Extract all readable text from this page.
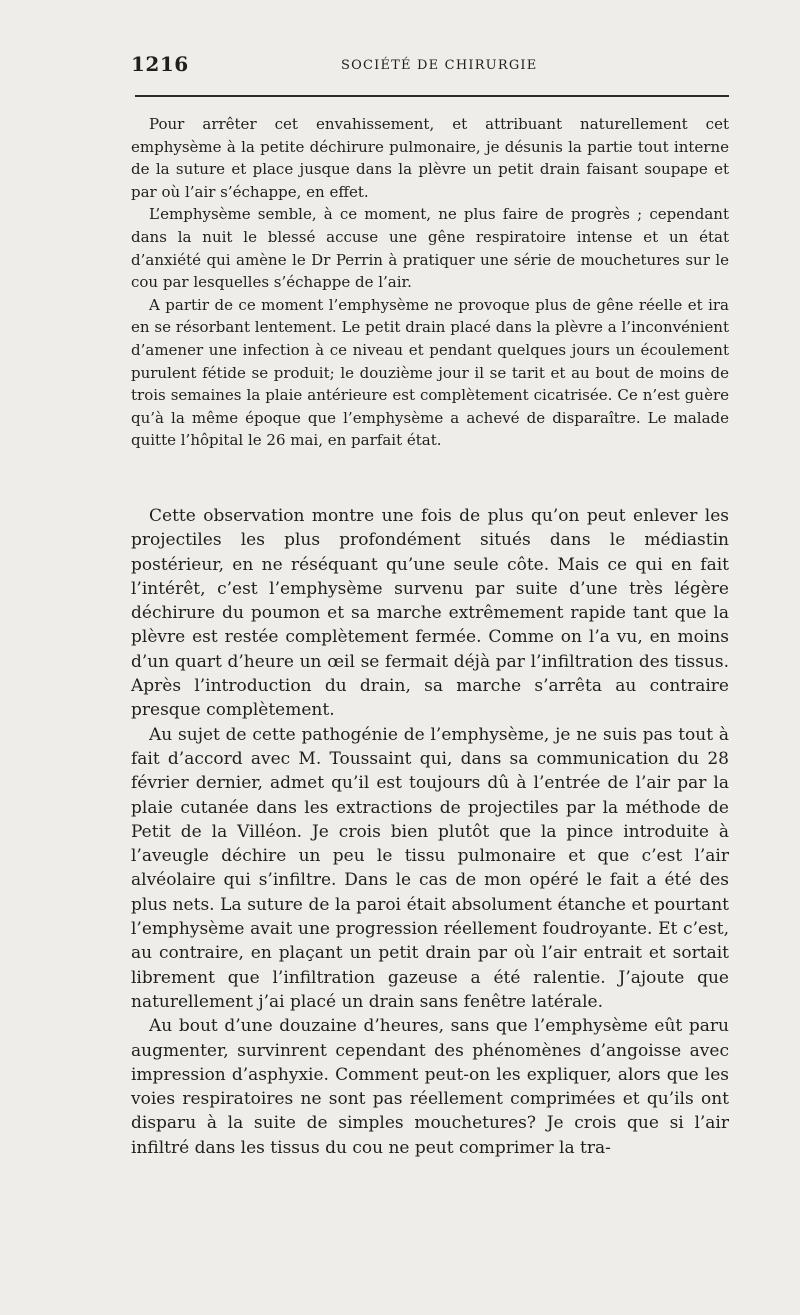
1216	SOCIÉTÉ DE CHIRURGIE

Pour arrêter cet envahissement, et attribuant naturellement cet emphysème à la petite déchirure pulmonaire, je désunis la partie tout interne de la suture et place jusque dans la plèvre un petit drain faisant soupape et par où l’air s’échappe, en effet.

L’emphysème semble, à ce moment, ne plus faire de progrès ; cependant dans la nuit le blessé accuse une gêne respiratoire intense et un état d’anxiété qui amène le Dr Perrin à pratiquer une série de mouchetures sur le cou par lesquelles s’échappe de l’air.

A partir de ce moment l’emphysème ne provoque plus de gêne réelle et ira en se résorbant lentement. Le petit drain placé dans la plèvre a l’inconvénient d’amener une infection à ce niveau et pendant quelques jours un écoulement purulent fétide se produit; le douzième jour il se tarit et au bout de moins de trois semaines la plaie antérieure est complètement cicatrisée. Ce n’est guère qu’à la même époque que l’emphysème a achevé de disparaître. Le malade quitte l’hôpital le 26 mai, en parfait état.

Cette observation montre une fois de plus qu’on peut enlever les projectiles les plus profondément situés dans le médiastin postérieur, en ne réséquant qu’une seule côte. Mais ce qui en fait l’intérêt, c’est l’emphysème survenu par suite d’une très légère déchirure du poumon et sa marche extrêmement rapide tant que la plèvre est restée complètement fermée. Comme on l’a vu, en moins d’un quart d’heure un œil se fermait déjà par l’infiltration des tissus. Après l’introduction du drain, sa marche s’arrêta au contraire presque complètement.

Au sujet de cette pathogénie de l’emphysème, je ne suis pas tout à fait d’accord avec M. Toussaint qui, dans sa communication du 28 février dernier, admet qu’il est toujours dû à l’entrée de l’air par la plaie cutanée dans les extractions de projectiles par la méthode de Petit de la Villéon. Je crois bien plutôt que la pince introduite à l’aveugle déchire un peu le tissu pulmonaire et que c’est l’air alvéolaire qui s’infiltre. Dans le cas de mon opéré le fait a été des plus nets. La suture de la paroi était absolument étanche et pourtant l’emphysème avait une progression réellement foudroyante. Et c’est, au contraire, en plaçant un petit drain par où l’air entrait et sortait librement que l’infiltration gazeuse a été ralentie. J’ajoute que naturellement j’ai placé un drain sans fenêtre latérale.

Au bout d’une douzaine d’heures, sans que l’emphysème eût paru augmenter, survinrent cependant des phénomènes d’angoisse avec impression d’asphyxie. Comment peut-on les expliquer, alors que les voies respiratoires ne sont pas réellement comprimées et qu’ils ont disparu à la suite de simples mouchetures? Je crois que si l’air infiltré dans les tissus du cou ne peut comprimer la tra-
